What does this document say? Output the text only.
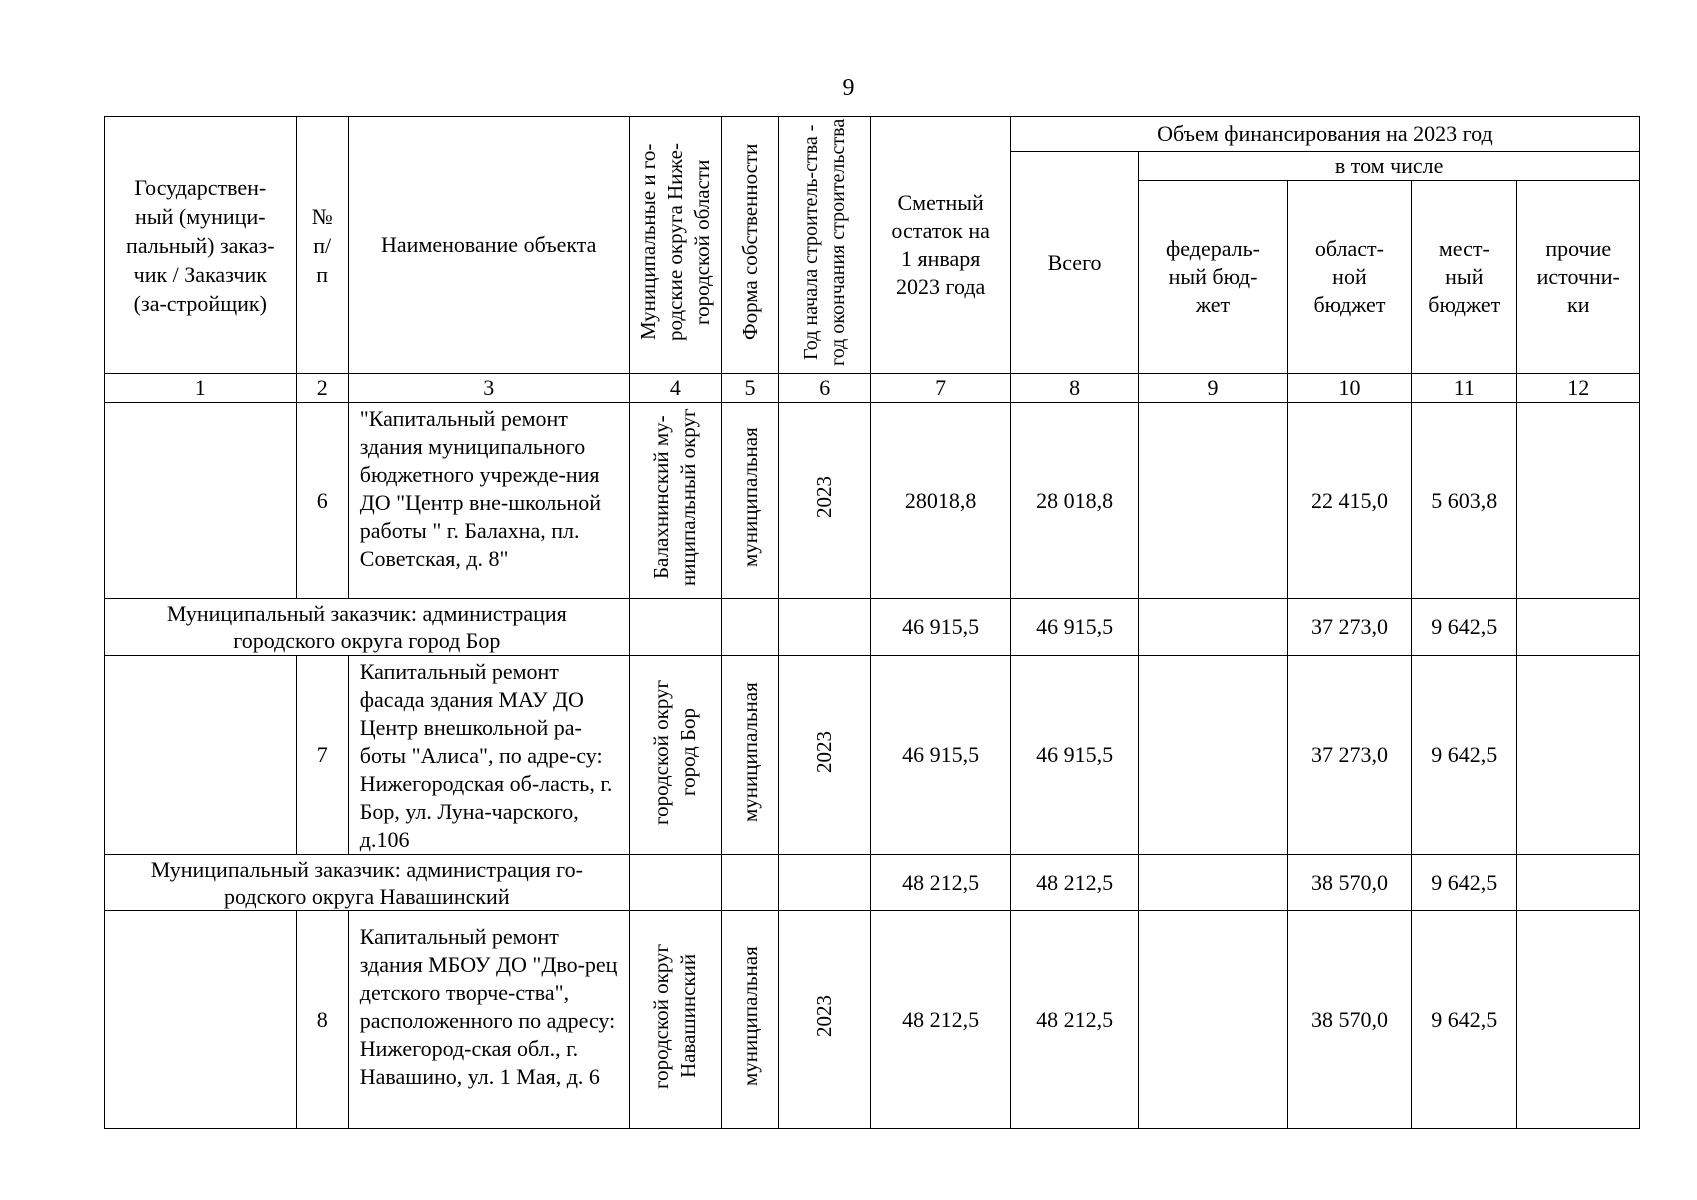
9
Государствен-ный (муници-пальный) заказ-чик / Заказчик (за-стройщик)	№ п/ п	Наименование объекта	Муниципальные и го-родские округа Ниже-городской области	Форма собственности	Год начала строитель-ства - год окончания строительства	Сметный остаток на 1 января 2023 года	Объем финансирования на 2023 год				
							Всего	в том числе			

								федераль-ный бюд-жет	област-ной бюджет	мест-ный бюджет	прочие источни-ки

1	2	3	4	5	6	7	8	9	10	11	12
	6	"Капитальный ремонт здания муниципального бюджетного учрежде-ния ДО "Центр вне-школьной работы " г. Балахна, пл. Советская, д. 8"	Балахнинский му-ниципальный округ	муниципальная	2023	28018,8	28 018,8		22 415,0	5 603,8	

Муниципальный заказчик: администрация городского округа город Бор						46 915,5	46 915,5		37 273,0	9 642,5	
	7	Капитальный ремонт фасада здания МАУ ДО Центр внешкольной ра-боты "Алиса", по адре-су: Нижегородская об-ласть, г. Бор, ул. Луна-чарского, д.106	городской округ город Бор	муниципальная	2023	46 915,5	46 915,5		37 273,0	9 642,5	

Муниципальный заказчик: администрация го-родского округа Навашинский						48 212,5	48 212,5		38 570,0	9 642,5	
	8	Капитальный ремонт здания МБОУ ДО "Дво-рец детского творче-ства", расположенного по адресу: Нижегород-ская обл., г. Навашино, ул. 1 Мая, д. 6	городской округ Навашинский	муниципальная	2023	48 212,5	48 212,5		38 570,0	9 642,5	
